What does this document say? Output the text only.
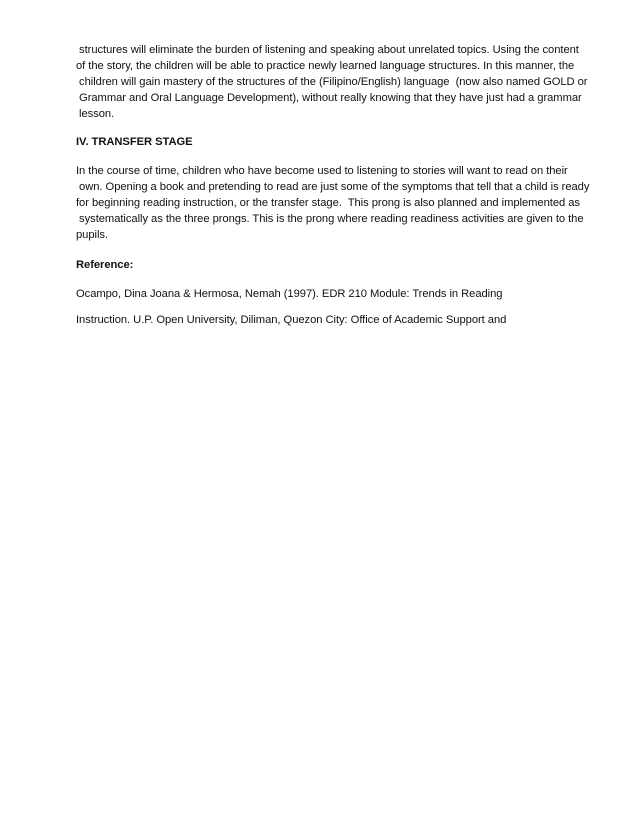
structures will eliminate the burden of listening and speaking about unrelated topics. Using the content
of the story, the children will be able to practice newly learned language structures. In this manner, the
children will gain mastery of the structures of the (Filipino/English) language  (now also named GOLD or
Grammar and Oral Language Development), without really knowing that they have just had a grammar
lesson.
IV. TRANSFER STAGE
In the course of time, children who have become used to listening to stories will want to read on their
own. Opening a book and pretending to read are just some of the symptoms that tell that a child is ready
for beginning reading instruction, or the transfer stage.  This prong is also planned and implemented as
systematically as the three prongs. This is the prong where reading readiness activities are given to the
pupils.
Reference:
Ocampo, Dina Joana & Hermosa, Nemah (1997). EDR 210 Module: Trends in Reading
Instruction. U.P. Open University, Diliman, Quezon City: Office of Academic Support and
